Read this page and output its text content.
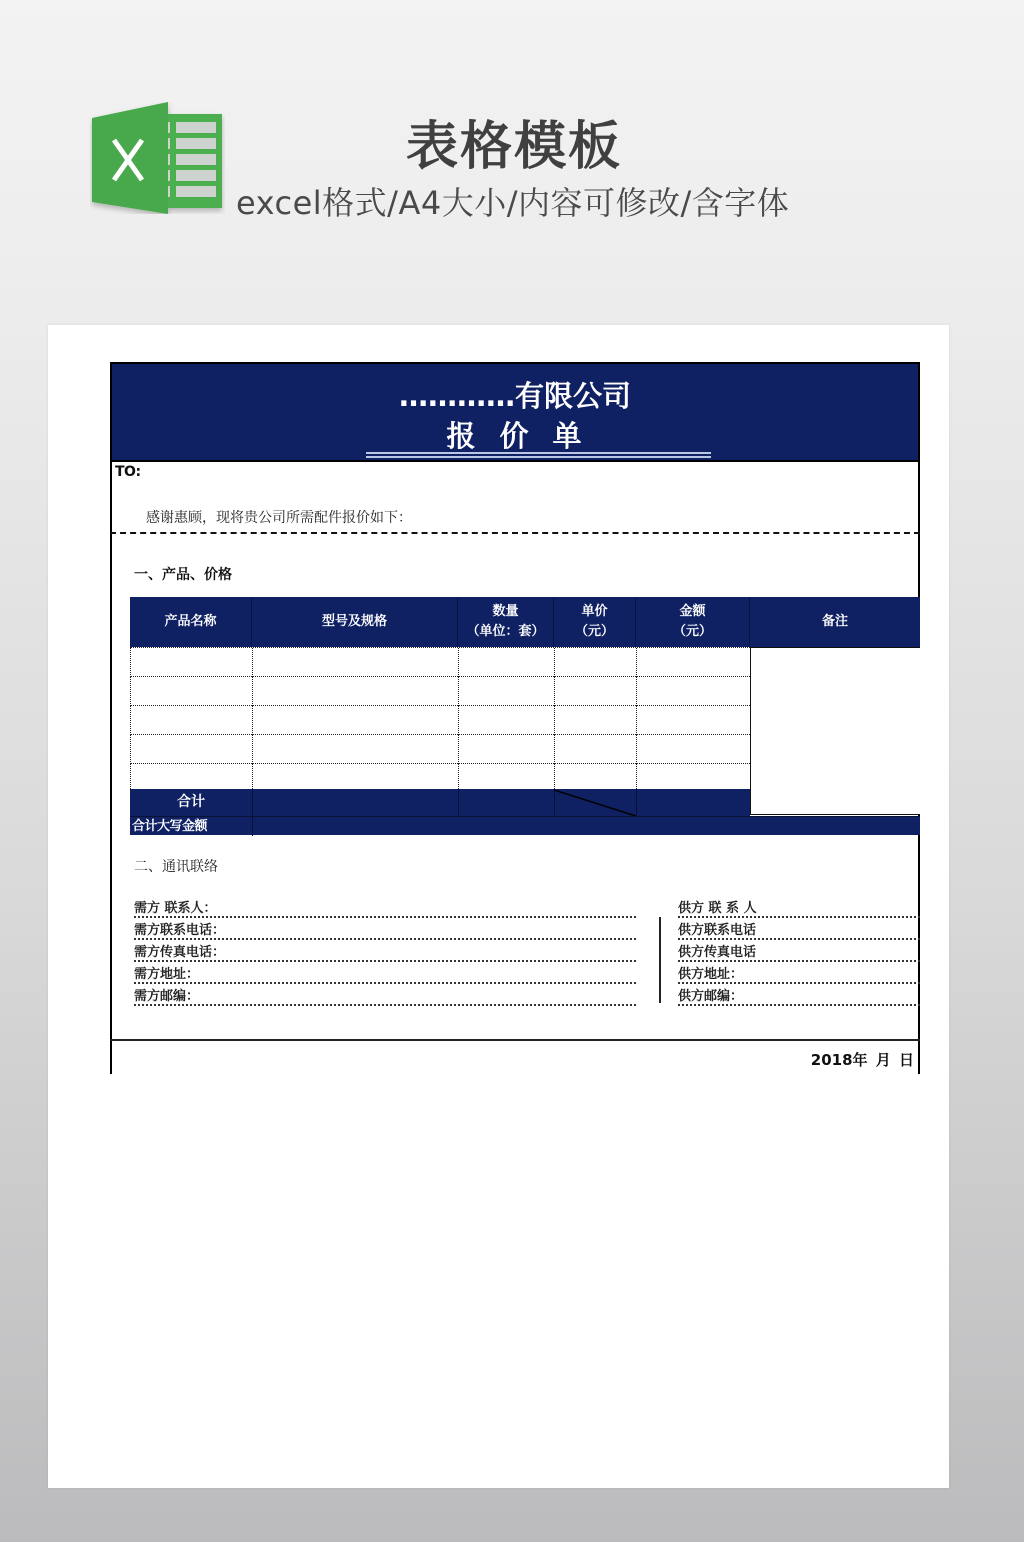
表格模板
excel格式/A4大小/内容可修改/含字体
…………有限公司
报价单
TO:
感谢惠顾，现将贵公司所需配件报价如下：
一、产品、价格
产品名称	型号及规格
数量
（单位：套）
单价
（元）
金额
（元）
备注
合计
合计大写金额
二、通讯联络
需方 联系人：
需方联系电话：
需方传真电话：
需方地址：
需方邮编：
供方 联 系 人
供方联系电话
供方传真电话
供方地址：
供方邮编：
2018年 月 日
